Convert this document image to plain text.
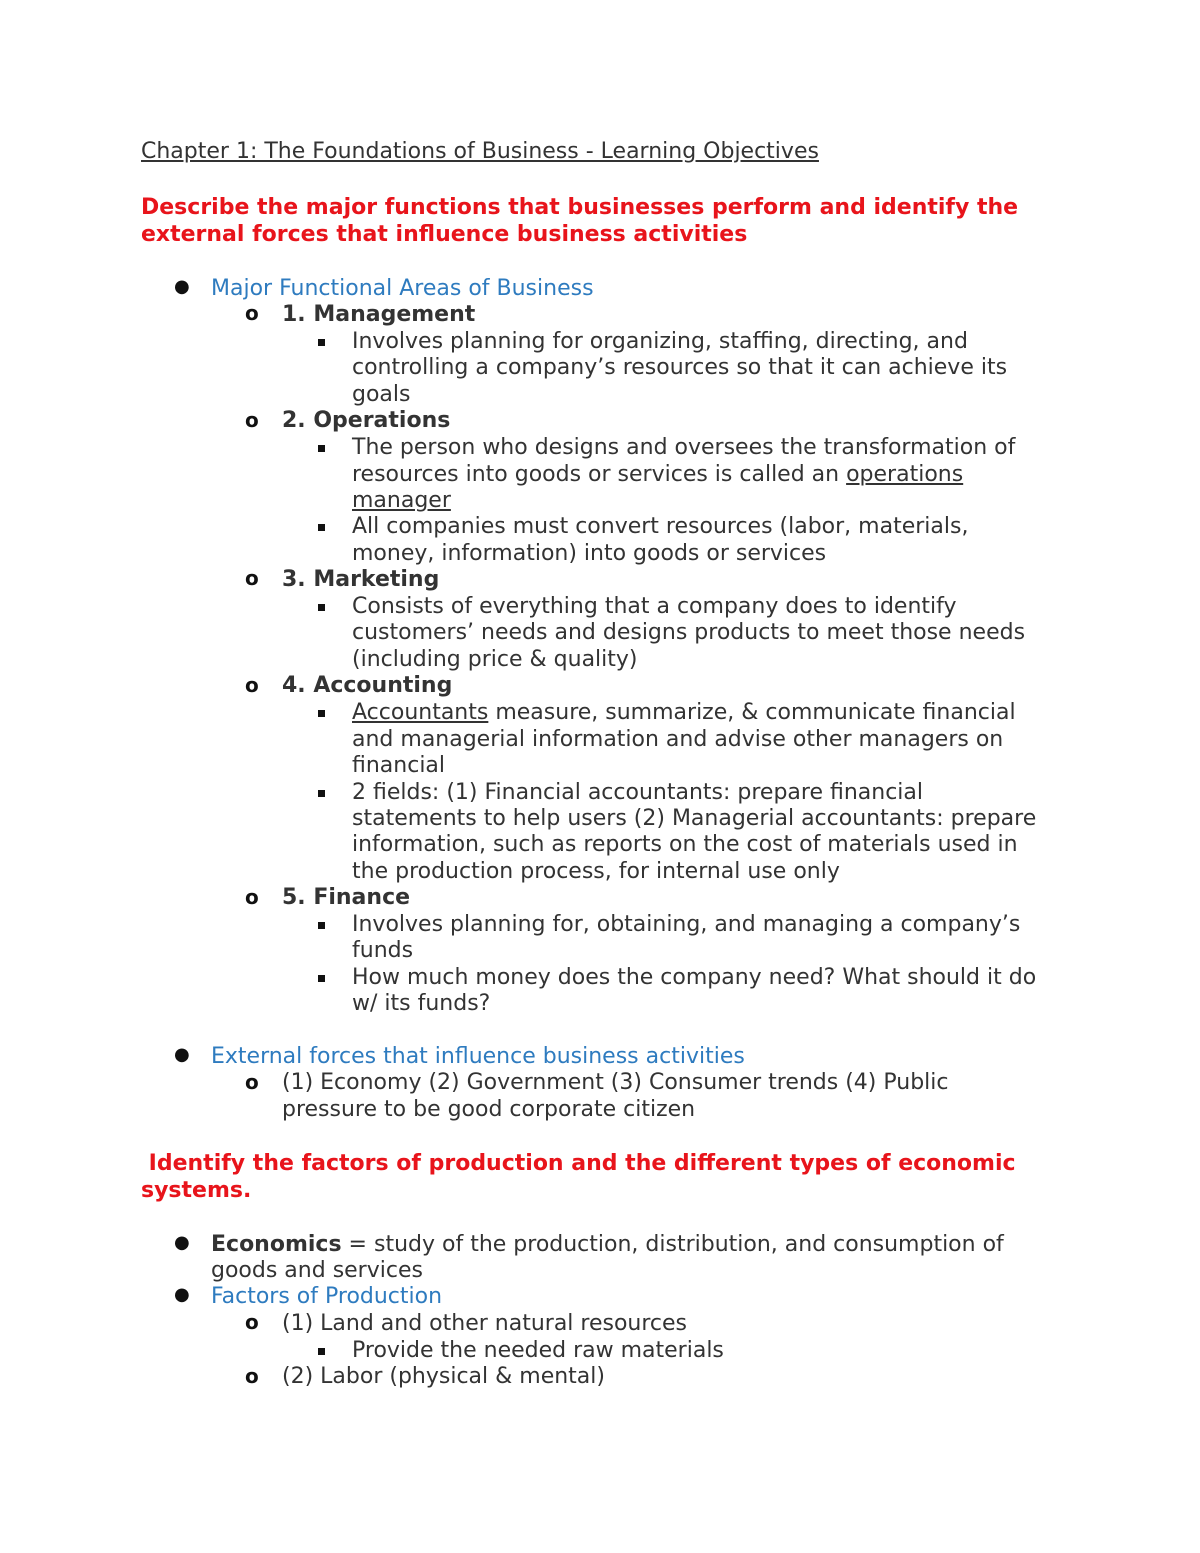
Chapter 1: The Foundations of Business - Learning Objectives
Describe the major functions that businesses perform and identify the
external forces that influence business activities
● Major Functional Areas of Business
o 1. Management
Involves planning for organizing, staffing, directing, and
controlling a company’s resources so that it can achieve its
goals
o 2. Operations
The person who designs and oversees the transformation of
resources into goods or services is called an operations
manager
All companies must convert resources (labor, materials,
money, information) into goods or services
o 3. Marketing
Consists of everything that a company does to identify
customers’ needs and designs products to meet those needs
(including price & quality)
o 4. Accounting
Accountants measure, summarize, & communicate financial
and managerial information and advise other managers on
financial
2 fields: (1) Financial accountants: prepare financial
statements to help users (2) Managerial accountants: prepare
information, such as reports on the cost of materials used in
the production process, for internal use only
o 5. Finance
Involves planning for, obtaining, and managing a company’s
funds
How much money does the company need? What should it do
w/ its funds?
● External forces that influence business activities
o (1) Economy (2) Government (3) Consumer trends (4) Public
pressure to be good corporate citizen
Identify the factors of production and the different types of economic
systems.
● Economics = study of the production, distribution, and consumption of
goods and services
● Factors of Production
o (1) Land and other natural resources
Provide the needed raw materials
o (2) Labor (physical & mental)
